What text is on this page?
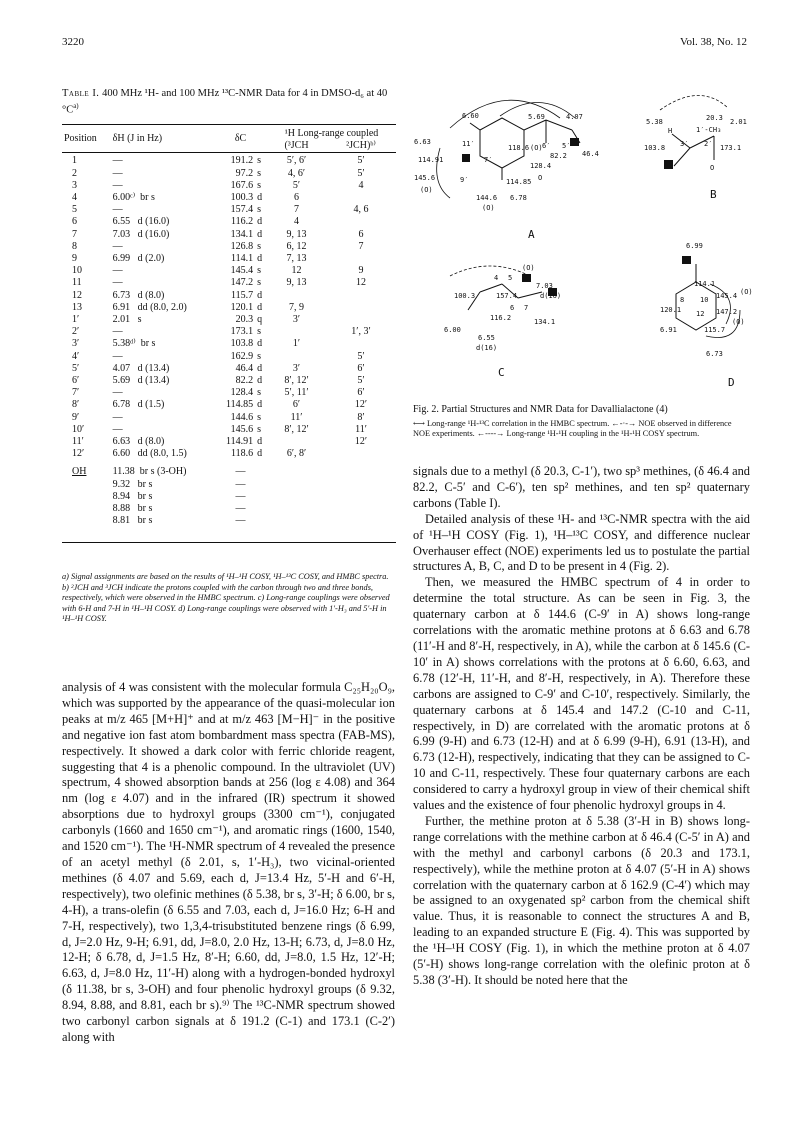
3220	Vol. 38, No. 12
Table I. 400 MHz ¹H- and 100 MHz ¹³C-NMR Data for 4 in DMSO-d₆ at 40 $^\circ C^{a)}$
Position	δH (J in Hz)	δC		¹H Long-range coupled	
				(³JCH	²JCH)ᵇ⁾

1	—	191.2	s	5′, 6′	5′
2	—	97.2	s	4, 6′	5′
3	—	167.6	s	5′	4
4	6.00ᶜ⁾  br s	100.3	d	6	
5	—	157.4	s	7	4, 6
6	6.55   d (16.0)	116.2	d	4	
7	7.03   d (16.0)	134.1	d	9, 13	6
8	—	126.8	s	6, 12	7
9	6.99   d (2.0)	114.1	d	7, 13	
10	—	145.4	s	12	9
11	—	147.2	s	9, 13	12
12	6.73   d (8.0)	115.7	d		
13	6.91   dd (8.0, 2.0)	120.1	d	7, 9	
1′	2.01   s	20.3	q	3′	
2′	—	173.1	s		1′, 3′
3′	5.38ᵈ⁾  br s	103.8	d	1′	
4′	—	162.9	s		5′
5′	4.07   d (13.4)	46.4	d	3′	6′
6′	5.69   d (13.4)	82.2	d	8′, 12′	5′
7′	—	128.4	s	5′, 11′	6′
8′	6.78   d (1.5)	114.85	d	6′	12′
9′	—	144.6	s	11′	8′
10′	—	145.6	s	8′, 12′	11′
11′	6.63   d (8.0)	114.91	d		12′
12′	6.60   dd (8.0, 1.5)	118.6	d	6′, 8′	
OH	11.38  br s (3-OH)	—			
	9.32   br s	—			
	8.94   br s	—			
	8.88   br s	—			
	8.81   br s	—			

a) Signal assignments are based on the results of ¹H–¹H COSY, ¹H–¹³C COSY, and HMBC spectra. b) ²JCH and ³JCH indicate the protons coupled with the carbon through two and three bonds, respectively, which were observed in the HMBC spectrum. c) Long-range couplings were observed with 6-H and 7-H in ¹H–¹H COSY. d) Long-range couplings were observed with 1′-H₃ and 5′-H in ¹H–¹H COSY.

analysis of 4 was consistent with the molecular formula C₂₅H₂₀O₉, which was supported by the appearance of the quasi-molecular ion peaks at m/z 465 [M+H]⁺ and at m/z 463 [M−H]⁻ in the positive and negative ion fast atom bombardment mass spectra (FAB-MS), respectively. It showed a dark color with ferric chloride reagent, suggesting that 4 is a phenolic compound. In the ultraviolet (UV) spectrum, 4 showed absorption bands at 256 (log ε 4.08) and 364 nm (log ε 4.07) and in the infrared (IR) spectrum it showed absorptions due to hydroxyl groups (3300 cm⁻¹), conjugated carbonyls (1660 and 1650 cm⁻¹), and aromatic rings (1600, 1540, and 1520 cm⁻¹). The ¹H-NMR spectrum of 4 revealed the presence of an acetyl methyl (δ 2.01, s, 1′-H₃), two vicinal-oriented methines (δ 4.07 and 5.69, each d, J=13.4 Hz, 5′-H and 6′-H, respectively), two olefinic methines (δ 5.38, br s, 3′-H; δ 6.00, br s, 4-H), a trans-olefin (δ 6.55 and 7.03, each d, J=16.0 Hz; 6-H and 7-H, respectively), two 1,3,4-trisubstituted benzene rings (δ 6.99, d, J=2.0 Hz, 9-H; 6.91, dd, J=8.0, 2.0 Hz, 13-H; 6.73, d, J=8.0 Hz, 12-H; δ 6.78, d, J=1.5 Hz, 8′-H; 6.60, dd, J=8.0, 1.5 Hz, 12′-H; 6.63, d, J=8.0 Hz, 11′-H) along with a hydrogen-bonded hydroxyl (δ 11.38, br s, 3-OH) and four phenolic hydroxyl groups (δ 9.32, 8.94, 8.88, and 8.81, each br s).⁹⁾ The ¹³C-NMR spectrum showed two carbonyl carbon signals at δ 191.2 (C-1) and 173.1 (C-2′) along with

6.60	5.69	4.07
6.63
114.91
11′
7′
118.6 6′ 5′
46.4
82.2
145.6
128.4
O
9′	114.85
144.6 6.78
(O)
(O)
(O)
A
5.38	20.3 2.01
H	1′-CH₃
103.8 3′ 2′ 173.1
O
B
4 5
(O)
7.03
d(16)
100.3	157.4
6 7
116.2	134.1
6.00
6.55
d(16)
C
6.99
114.1
8 10 145.4 (O)
120.1 12 147.2
(O)
6.91	115.7
6.73
D
Fig. 2. Partial Structures and NMR Data for Davallialactone (4)
⟷ Long-range ¹H-¹³C correlation in the HMBC spectrum. ←-·-→ NOE observed in difference NOE experiments. ←----→ Long-range ¹H-¹H coupling in the ¹H-¹H COSY spectrum.

signals due to a methyl (δ 20.3, C-1′), two sp³ methines, (δ 46.4 and 82.2, C-5′ and C-6′), ten sp² methines, and ten sp² quaternary carbons (Table I).

Detailed analysis of these ¹H- and ¹³C-NMR spectra with the aid of ¹H–¹H COSY (Fig. 1), ¹H–¹³C COSY, and difference nuclear Overhauser effect (NOE) experiments led us to postulate the partial structures A, B, C, and D to be present in 4 (Fig. 2).

Then, we measured the HMBC spectrum of 4 in order to determine the total structure. As can be seen in Fig. 3, the quaternary carbon at δ 144.6 (C-9′ in A) shows long-range correlations with the aromatic methine protons at δ 6.63 and 6.78 (11′-H and 8′-H, respectively, in A), while the carbon at δ 145.6 (C-10′ in A) shows correlations with the protons at δ 6.60, 6.63, and 6.78 (12′-H, 11′-H, and 8′-H, respectively, in A). Therefore these carbons are assigned to C-9′ and C-10′, respectively. Similarly, the quaternary carbons at δ 145.4 and 147.2 (C-10 and C-11, respectively, in D) are correlated with the aromatic protons at δ 6.99 (9-H) and 6.73 (12-H) and at δ 6.99 (9-H), 6.91 (13-H), and 6.73 (12-H), respectively, indicating that they can be assigned to C-10 and C-11, respectively. These four quaternary carbons are each considered to carry a hydroxyl group in view of their chemical shift values and the existence of four phenolic hydroxyl groups in 4.

Further, the methine proton at δ 5.38 (3′-H in B) shows long-range correlations with the methine carbon at δ 46.4 (C-5′ in A) and with the methyl and carbonyl carbons (δ 20.3 and 173.1, respectively), while the methine proton at δ 4.07 (5′-H in A) shows correlation with the quaternary carbon at δ 162.9 (C-4′) which may be assigned to an oxygenated sp² carbon from the chemical shift value. Thus, it is reasonable to connect the structures A and B, leading to an expanded structure E (Fig. 4). This was supported by the ¹H–¹H COSY (Fig. 1), in which the methine proton at δ 4.07 (5′-H) shows long-range correlation with the olefinic proton at δ 5.38 (3′-H). It should be noted here that the
